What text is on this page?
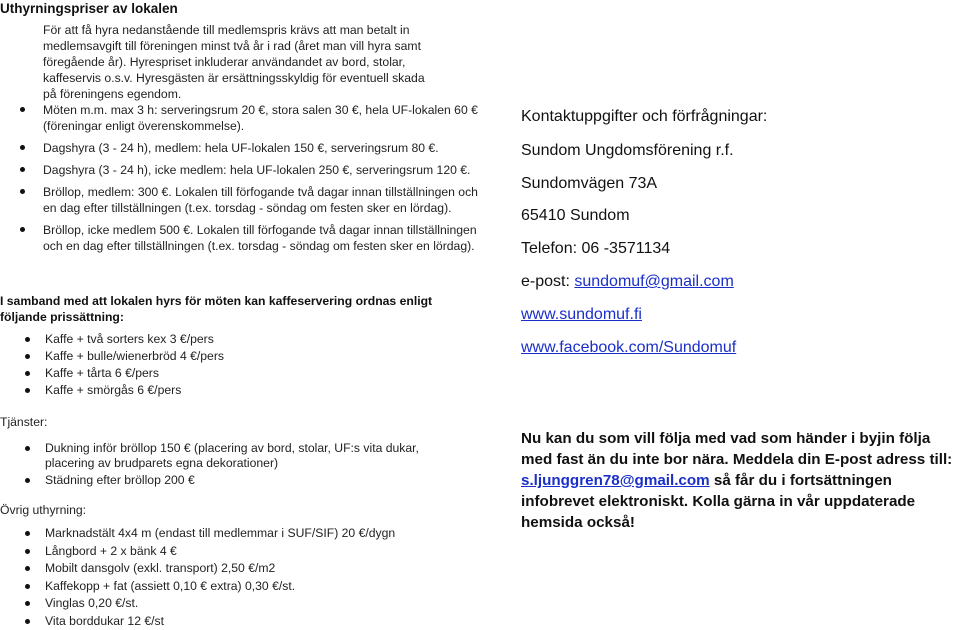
Uthyrningspriser av lokalen
För att få hyra nedanstående till medlemspris krävs att man betalt in medlemsavgift till föreningen minst två år i rad (året man vill hyra samt föregående år). Hyrespriset inkluderar användandet av bord, stolar, kaffeservis o.s.v. Hyresgästen är ersättningsskyldig för eventuell skada på föreningens egendom.
Möten m.m. max 3 h: serveringsrum 20 €, stora salen 30 €, hela UF-lokalen 60 € (föreningar enligt överenskommelse).
Dagshyra (3 - 24 h), medlem: hela UF-lokalen 150 €, serveringsrum 80 €.
Dagshyra (3 - 24 h), icke medlem: hela UF-lokalen 250 €, serveringsrum 120 €.
Bröllop, medlem: 300 €. Lokalen till förfogande två dagar innan tillställningen och en dag efter tillställningen (t.ex. torsdag - söndag om festen sker en lördag).
Bröllop, icke medlem 500 €. Lokalen till förfogande två dagar innan tillställningen och en dag efter tillställningen (t.ex. torsdag - söndag om festen sker en lördag).
I samband med att lokalen hyrs för möten kan kaffeservering ordnas enligt följande prissättning:
Kaffe + två sorters kex 3 €/pers
Kaffe + bulle/wienerbröd 4 €/pers
Kaffe + tårta 6 €/pers
Kaffe + smörgås 6 €/pers
Tjänster:
Dukning inför bröllop 150 € (placering av bord, stolar, UF:s vita dukar, placering av brudparets egna dekorationer)
Städning efter bröllop 200 €
Övrig uthyrning:
Marknadstält 4x4 m (endast till medlemmar i SUF/SIF) 20 €/dygn
Långbord + 2 x bänk 4 €
Mobilt dansgolv (exkl. transport) 2,50 €/m2
Kaffekopp + fat (assiett 0,10 € extra) 0,30 €/st.
Vinglas 0,20 €/st.
Vita borddukar 12 €/st
Kontaktuppgifter och förfrågningar:
Sundom Ungdomsförening r.f.
Sundomvägen 73A
65410 Sundom
Telefon: 06 -3571134
e-post: sundomuf@gmail.com
www.sundomuf.fi
www.facebook.com/Sundomuf
Nu kan du som vill följa med vad som händer i byjin följa med fast än du inte bor nära. Meddela din E-post adress till: s.ljunggren78@gmail.com så får du i fortsättningen infobrevet elektroniskt. Kolla gärna in vår uppdaterade hemsida också!
